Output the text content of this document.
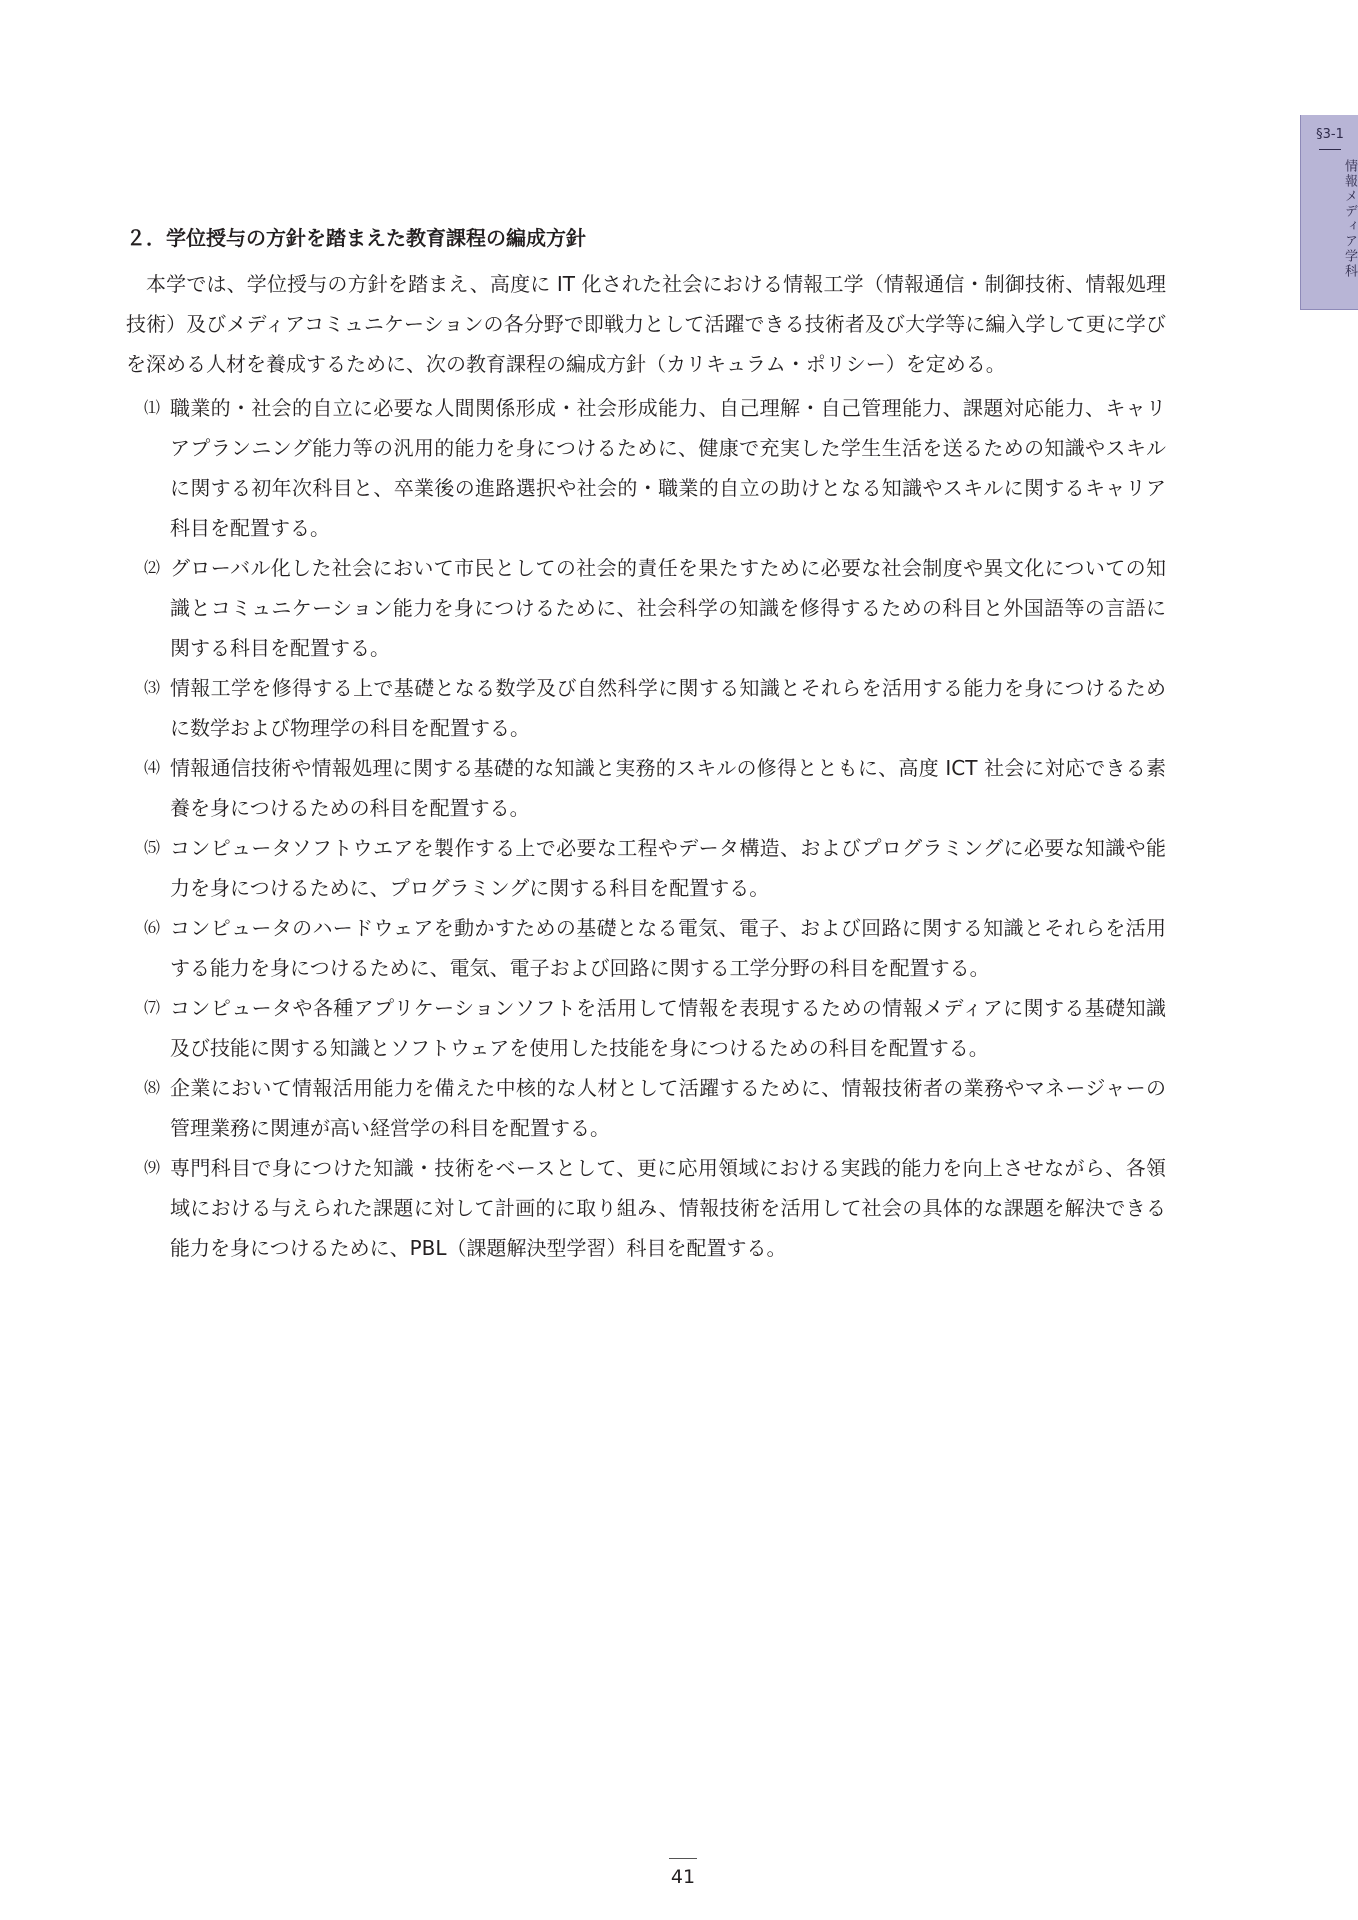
§3-1
情報メディア学科
２．学位授与の方針を踏まえた教育課程の編成方針

本学では、学位授与の方針を踏まえ、高度に IT 化された社会における情報工学（情報通信・制御技術、情報処理技術）及びメディアコミュニケーションの各分野で即戦力として活躍できる技術者及び大学等に編入学して更に学びを深める人材を養成するために、次の教育課程の編成方針（カリキュラム・ポリシー）を定める。

⑴ 職業的・社会的自立に必要な人間関係形成・社会形成能力、自己理解・自己管理能力、課題対応能力、キャリアプランニング能力等の汎用的能力を身につけるために、健康で充実した学生生活を送るための知識やスキルに関する初年次科目と、卒業後の進路選択や社会的・職業的自立の助けとなる知識やスキルに関するキャリア科目を配置する。
⑵ グローバル化した社会において市民としての社会的責任を果たすために必要な社会制度や異文化についての知識とコミュニケーション能力を身につけるために、社会科学の知識を修得するための科目と外国語等の言語に関する科目を配置する。
⑶ 情報工学を修得する上で基礎となる数学及び自然科学に関する知識とそれらを活用する能力を身につけるために数学および物理学の科目を配置する。
⑷ 情報通信技術や情報処理に関する基礎的な知識と実務的スキルの修得とともに、高度 ICT 社会に対応できる素養を身につけるための科目を配置する。
⑸ コンピュータソフトウエアを製作する上で必要な工程やデータ構造、およびプログラミングに必要な知識や能力を身につけるために、プログラミングに関する科目を配置する。
⑹ コンピュータのハードウェアを動かすための基礎となる電気、電子、および回路に関する知識とそれらを活用する能力を身につけるために、電気、電子および回路に関する工学分野の科目を配置する。
⑺ コンピュータや各種アプリケーションソフトを活用して情報を表現するための情報メディアに関する基礎知識及び技能に関する知識とソフトウェアを使用した技能を身につけるための科目を配置する。
⑻ 企業において情報活用能力を備えた中核的な人材として活躍するために、情報技術者の業務やマネージャーの管理業務に関連が高い経営学の科目を配置する。
⑼ 専門科目で身につけた知識・技術をベースとして、更に応用領域における実践的能力を向上させながら、各領域における与えられた課題に対して計画的に取り組み、情報技術を活用して社会の具体的な課題を解決できる能力を身につけるために、PBL（課題解決型学習）科目を配置する。
41
